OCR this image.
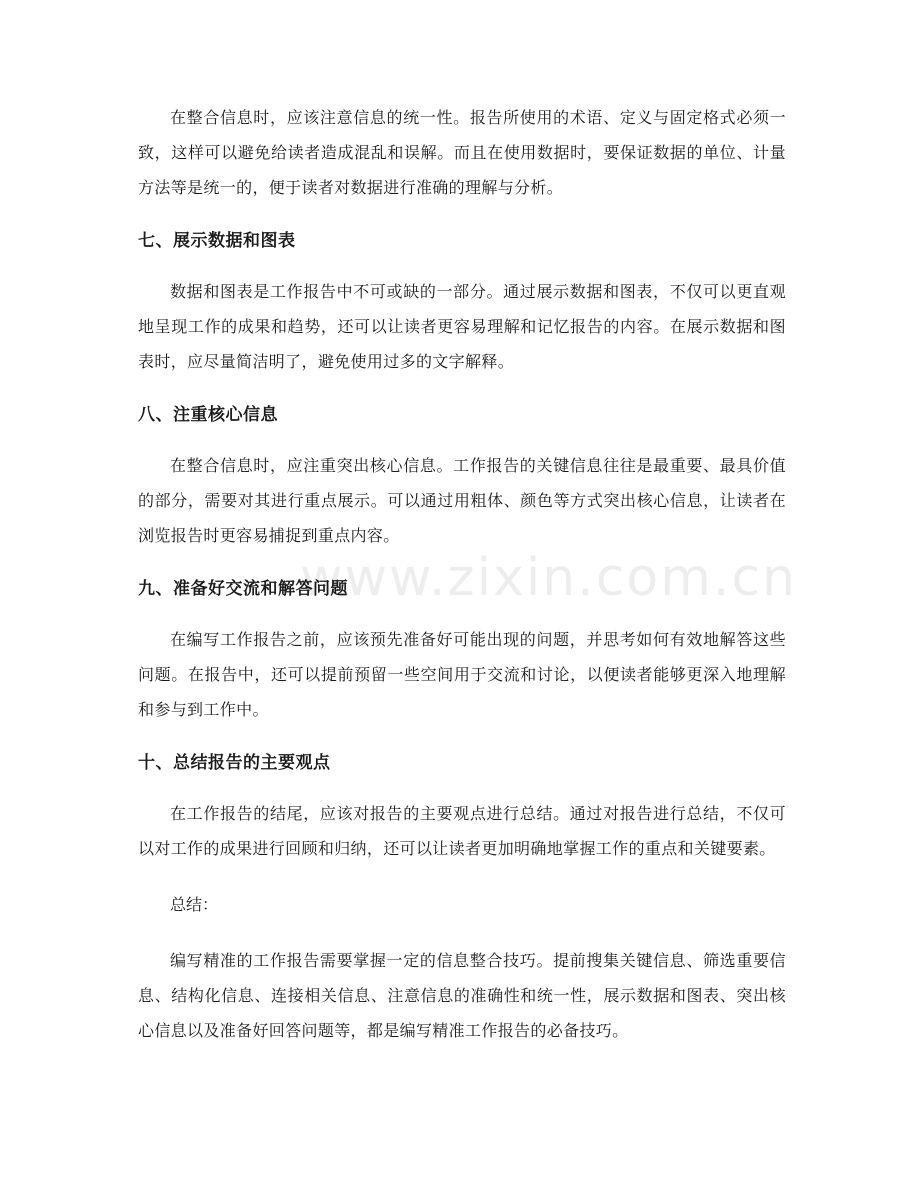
在整合信息时，应该注意信息的统一性。报告所使用的术语、定义与固定格式必须一致，这样可以避免给读者造成混乱和误解。而且在使用数据时，要保证数据的单位、计量方法等是统一的，便于读者对数据进行准确的理解与分析。

七、展示数据和图表

数据和图表是工作报告中不可或缺的一部分。通过展示数据和图表，不仅可以更直观地呈现工作的成果和趋势，还可以让读者更容易理解和记忆报告的内容。在展示数据和图表时，应尽量简洁明了，避免使用过多的文字解释。

八、注重核心信息

在整合信息时，应注重突出核心信息。工作报告的关键信息往往是最重要、最具价值的部分，需要对其进行重点展示。可以通过用粗体、颜色等方式突出核心信息，让读者在浏览报告时更容易捕捉到重点内容。

九、准备好交流和解答问题

在编写工作报告之前，应该预先准备好可能出现的问题，并思考如何有效地解答这些问题。在报告中，还可以提前预留一些空间用于交流和讨论，以便读者能够更深入地理解和参与到工作中。

十、总结报告的主要观点

在工作报告的结尾，应该对报告的主要观点进行总结。通过对报告进行总结，不仅可以对工作的成果进行回顾和归纳，还可以让读者更加明确地掌握工作的重点和关键要素。

总结：

编写精准的工作报告需要掌握一定的信息整合技巧。提前搜集关键信息、筛选重要信息、结构化信息、连接相关信息、注意信息的准确性和统一性，展示数据和图表、突出核心信息以及准备好回答问题等，都是编写精准工作报告的必备技巧。

www.zixin.com.cn
